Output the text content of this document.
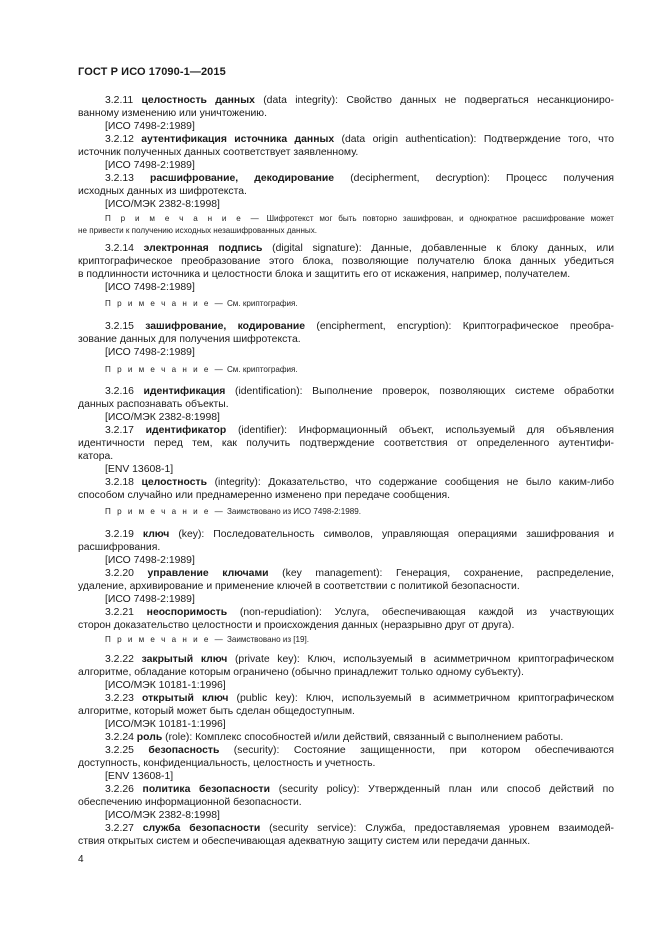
ГОСТ Р ИСО 17090-1—2015
3.2.11 целостность данных (data integrity): Свойство данных не подвергаться несанкциониро-
ванному изменению или уничтожению.
[ИСО 7498-2:1989]
3.2.12 аутентификация источника данных (data origin authentication): Подтверждение того, что
источник полученных данных соответствует заявленному.
[ИСО 7498-2:1989]
3.2.13 расшифрование, декодирование (decipherment, decryption): Процесс получения
исходных данных из шифротекста.
[ИСО/МЭК 2382-8:1998]
П р и м е ч а н и е — Шифротекст мог быть повторно зашифрован, и однократное расшифрование может
не привести к получению исходных незашифрованных данных.
3.2.14 электронная подпись (digital signature): Данные, добавленные к блоку данных, или
криптографическое преобразование этого блока, позволяющие получателю блока данных убедиться
в подлинности источника и целостности блока и защитить его от искажения, например, получателем.
[ИСО 7498-2:1989]
П р и м е ч а н и е — См. криптография.
3.2.15 зашифрование, кодирование (encipherment, encryption): Криптографическое преобра-
зование данных для получения шифротекста.
[ИСО 7498-2:1989]
П р и м е ч а н и е — См. криптография.
3.2.16 идентификация (identification): Выполнение проверок, позволяющих системе обработки
данных распознавать объекты.
[ИСО/МЭК 2382-8:1998]
3.2.17 идентификатор (identifier): Информационный объект, используемый для объявления
идентичности перед тем, как получить подтверждение соответствия от определенного аутентифи-
катора.
[ENV 13608-1]
3.2.18 целостность (integrity): Доказательство, что содержание сообщения не было каким-либо
способом случайно или преднамеренно изменено при передаче сообщения.
П р и м е ч а н и е — Заимствовано из ИСО 7498-2:1989.
3.2.19 ключ (key): Последовательность символов, управляющая операциями зашифрования и
расшифрования.
[ИСО 7498-2:1989]
3.2.20 управление ключами (key management): Генерация, сохранение, распределение,
удаление, архивирование и применение ключей в соответствии с политикой безопасности.
[ИСО 7498-2:1989]
3.2.21 неоспоримость (non-repudiation): Услуга, обеспечивающая каждой из участвующих
сторон доказательство целостности и происхождения данных (неразрывно друг от друга).
П р и м е ч а н и е — Заимствовано из [19].
3.2.22 закрытый ключ (private key): Ключ, используемый в асимметричном криптографическом
алгоритме, обладание которым ограничено (обычно принадлежит только одному субъекту).
[ИСО/МЭК 10181-1:1996]
3.2.23 открытый ключ (public key): Ключ, используемый в асимметричном криптографическом
алгоритме, который может быть сделан общедоступным.
[ИСО/МЭК 10181-1:1996]
3.2.24 роль (role): Комплекс способностей и/или действий, связанный с выполнением работы.
3.2.25 безопасность (security): Состояние защищенности, при котором обеспечиваются
доступность, конфиденциальность, целостность и учетность.
[ENV 13608-1]
3.2.26 политика безопасности (security policy): Утвержденный план или способ действий по
обеспечению информационной безопасности.
[ИСО/МЭК 2382-8:1998]
3.2.27 служба безопасности (security service): Служба, предоставляемая уровнем взаимодей-
ствия открытых систем и обеспечивающая адекватную защиту систем или передачи данных.
4
